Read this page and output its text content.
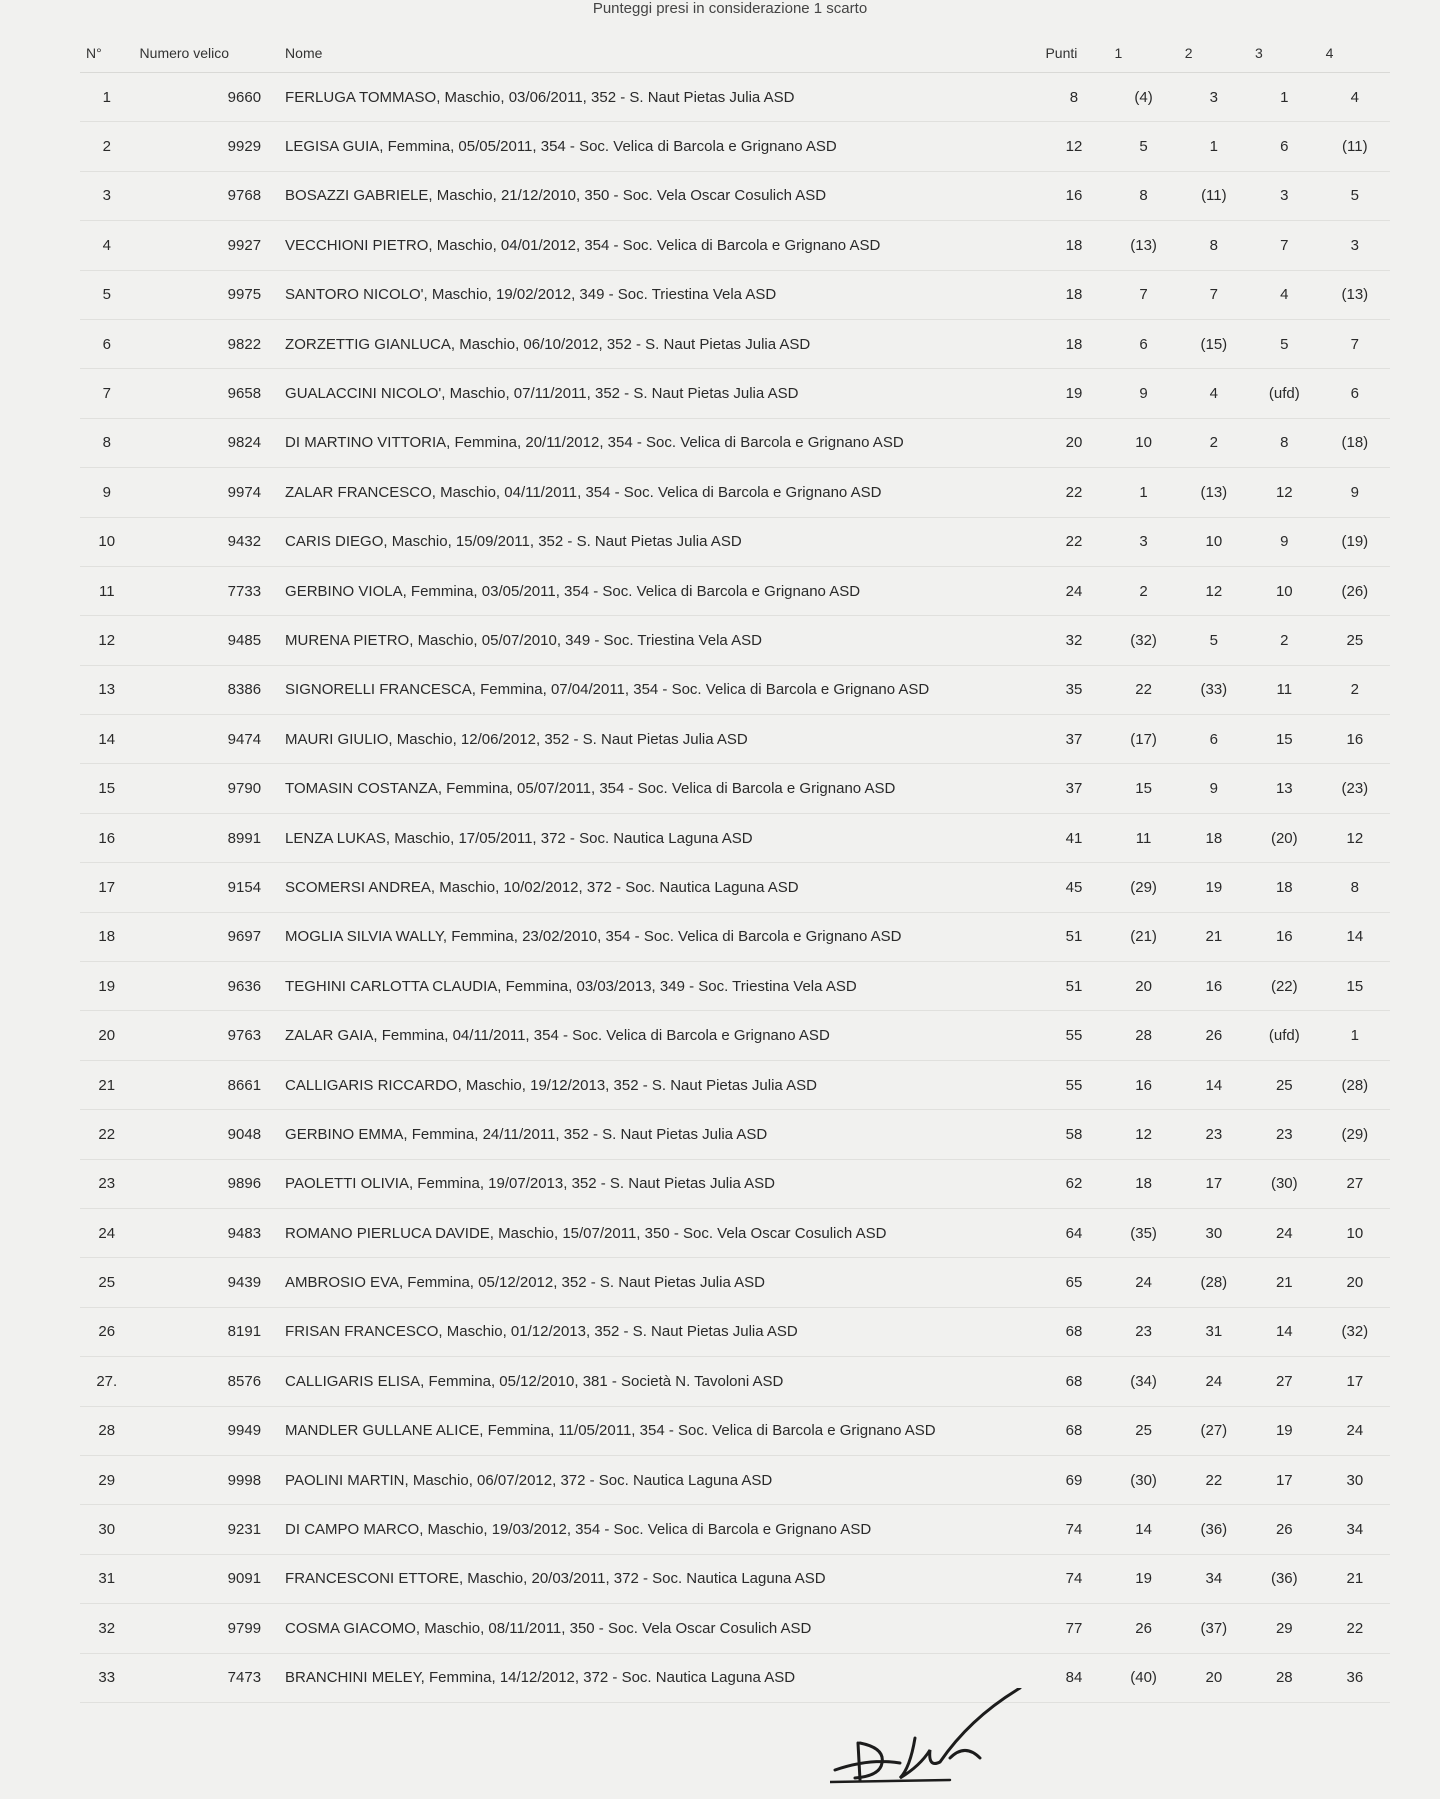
Punteggi presi in considerazione 1 scarto
N°	Numero velico	Nome	Punti	1	2	3	4
1	9660	FERLUGA TOMMASO, Maschio, 03/06/2011, 352 - S. Naut Pietas Julia ASD	8	(4)	3	1	4
2	9929	LEGISA GUIA, Femmina, 05/05/2011, 354 - Soc. Velica di Barcola e Grignano ASD	12	5	1	6	(11)
3	9768	BOSAZZI GABRIELE, Maschio, 21/12/2010, 350 - Soc. Vela Oscar Cosulich ASD	16	8	(11)	3	5
4	9927	VECCHIONI PIETRO, Maschio, 04/01/2012, 354 - Soc. Velica di Barcola e Grignano ASD	18	(13)	8	7	3
5	9975	SANTORO NICOLO', Maschio, 19/02/2012, 349 - Soc. Triestina Vela ASD	18	7	7	4	(13)
6	9822	ZORZETTIG GIANLUCA, Maschio, 06/10/2012, 352 - S. Naut Pietas Julia ASD	18	6	(15)	5	7
7	9658	GUALACCINI NICOLO', Maschio, 07/11/2011, 352 - S. Naut Pietas Julia ASD	19	9	4	(ufd)	6
8	9824	DI MARTINO VITTORIA, Femmina, 20/11/2012, 354 - Soc. Velica di Barcola e Grignano ASD	20	10	2	8	(18)
9	9974	ZALAR FRANCESCO, Maschio, 04/11/2011, 354 - Soc. Velica di Barcola e Grignano ASD	22	1	(13)	12	9
10	9432	CARIS DIEGO, Maschio, 15/09/2011, 352 - S. Naut Pietas Julia ASD	22	3	10	9	(19)
11	7733	GERBINO VIOLA, Femmina, 03/05/2011, 354 - Soc. Velica di Barcola e Grignano ASD	24	2	12	10	(26)
12	9485	MURENA PIETRO, Maschio, 05/07/2010, 349 - Soc. Triestina Vela ASD	32	(32)	5	2	25
13	8386	SIGNORELLI FRANCESCA, Femmina, 07/04/2011, 354 - Soc. Velica di Barcola e Grignano ASD	35	22	(33)	11	2
14	9474	MAURI GIULIO, Maschio, 12/06/2012, 352 - S. Naut Pietas Julia ASD	37	(17)	6	15	16
15	9790	TOMASIN COSTANZA, Femmina, 05/07/2011, 354 - Soc. Velica di Barcola e Grignano ASD	37	15	9	13	(23)
16	8991	LENZA LUKAS, Maschio, 17/05/2011, 372 - Soc. Nautica Laguna ASD	41	11	18	(20)	12
17	9154	SCOMERSI ANDREA, Maschio, 10/02/2012, 372 - Soc. Nautica Laguna ASD	45	(29)	19	18	8
18	9697	MOGLIA SILVIA WALLY, Femmina, 23/02/2010, 354 - Soc. Velica di Barcola e Grignano ASD	51	(21)	21	16	14
19	9636	TEGHINI CARLOTTA CLAUDIA, Femmina, 03/03/2013, 349 - Soc. Triestina Vela ASD	51	20	16	(22)	15
20	9763	ZALAR GAIA, Femmina, 04/11/2011, 354 - Soc. Velica di Barcola e Grignano ASD	55	28	26	(ufd)	1
21	8661	CALLIGARIS RICCARDO, Maschio, 19/12/2013, 352 - S. Naut Pietas Julia ASD	55	16	14	25	(28)
22	9048	GERBINO EMMA, Femmina, 24/11/2011, 352 - S. Naut Pietas Julia ASD	58	12	23	23	(29)
23	9896	PAOLETTI OLIVIA, Femmina, 19/07/2013, 352 - S. Naut Pietas Julia ASD	62	18	17	(30)	27
24	9483	ROMANO PIERLUCA DAVIDE, Maschio, 15/07/2011, 350 - Soc. Vela Oscar Cosulich ASD	64	(35)	30	24	10
25	9439	AMBROSIO EVA, Femmina, 05/12/2012, 352 - S. Naut Pietas Julia ASD	65	24	(28)	21	20
26	8191	FRISAN FRANCESCO, Maschio, 01/12/2013, 352 - S. Naut Pietas Julia ASD	68	23	31	14	(32)
27.	8576	CALLIGARIS ELISA, Femmina, 05/12/2010, 381 - Società N. Tavoloni ASD	68	(34)	24	27	17
28	9949	MANDLER GULLANE ALICE, Femmina, 11/05/2011, 354 - Soc. Velica di Barcola e Grignano ASD	68	25	(27)	19	24
29	9998	PAOLINI MARTIN, Maschio, 06/07/2012, 372 - Soc. Nautica Laguna ASD	69	(30)	22	17	30
30	9231	DI CAMPO MARCO, Maschio, 19/03/2012, 354 - Soc. Velica di Barcola e Grignano ASD	74	14	(36)	26	34
31	9091	FRANCESCONI ETTORE, Maschio, 20/03/2011, 372 - Soc. Nautica Laguna ASD	74	19	34	(36)	21
32	9799	COSMA GIACOMO, Maschio, 08/11/2011, 350 - Soc. Vela Oscar Cosulich ASD	77	26	(37)	29	22
33	7473	BRANCHINI MELEY, Femmina, 14/12/2012, 372 - Soc. Nautica Laguna ASD	84	(40)	20	28	36
